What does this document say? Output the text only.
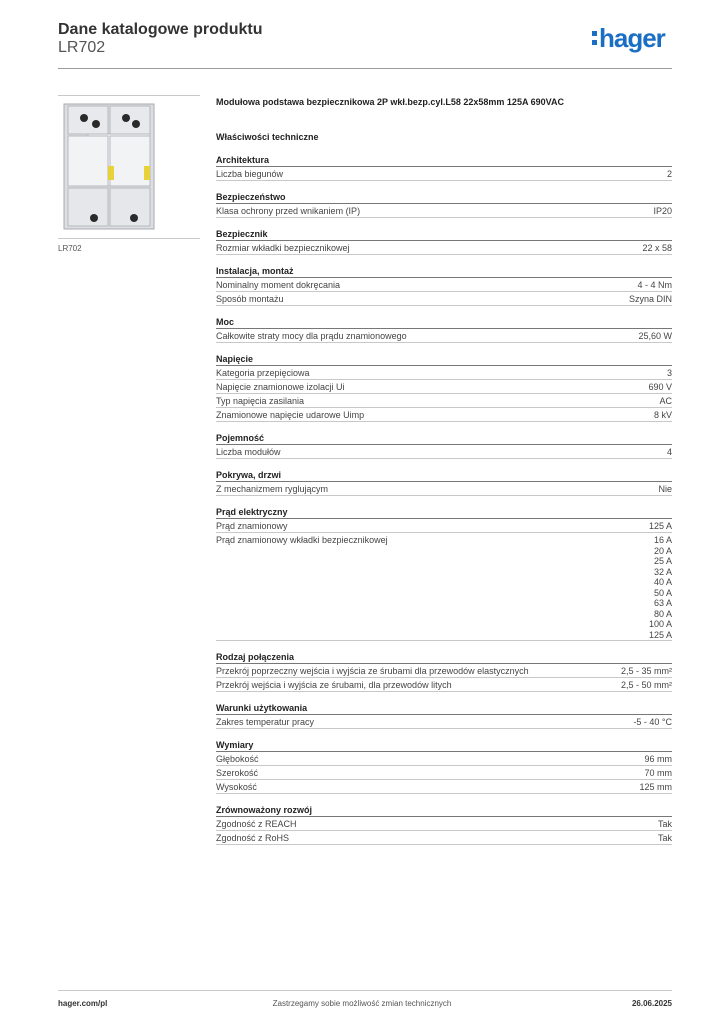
Dane katalogowe produktu
LR702	hager
LR702
Modułowa podstawa bezpiecznikowa 2P wkł.bezp.cyl.L58 22x58mm 125A 690VAC
Właściwości techniczne
Architektura
Liczba biegunów	2
Bezpieczeństwo
Klasa ochrony przed wnikaniem (IP)	IP20
Bezpiecznik
Rozmiar wkładki bezpiecznikowej	22 x 58
Instalacja, montaż
Nominalny moment dokręcania	4 - 4 Nm
Sposób montażu	Szyna DIN
Moc
Całkowite straty mocy dla prądu znamionowego	25,60 W
Napięcie
Kategoria przepięciowa	3
Napięcie znamionowe izolacji Ui	690 V
Typ napięcia zasilania	AC
Znamionowe napięcie udarowe Uimp	8 kV
Pojemność
Liczba modułów	4
Pokrywa, drzwi
Z mechanizmem ryglującym	Nie
Prąd elektryczny
Prąd znamionowy	125 A
Prąd znamionowy wkładki bezpiecznikowej	16 A
20 A
25 A
32 A
40 A
50 A
63 A
80 A
100 A
125 A
Rodzaj połączenia
Przekrój poprzeczny wejścia i wyjścia ze śrubami dla przewodów elastycznych	2,5 - 35 mm²
Przekrój wejścia i wyjścia ze śrubami, dla przewodów litych	2,5 - 50 mm²
Warunki użytkowania
Zakres temperatur pracy	-5 - 40 °C
Wymiary
Głębokość	96 mm
Szerokość	70 mm
Wysokość	125 mm
Zrównoważony rozwój
Zgodność z REACH	Tak
Zgodność z RoHS	Tak
hager.com/pl	Zastrzegamy sobie możliwość zmian technicznych	26.06.2025
